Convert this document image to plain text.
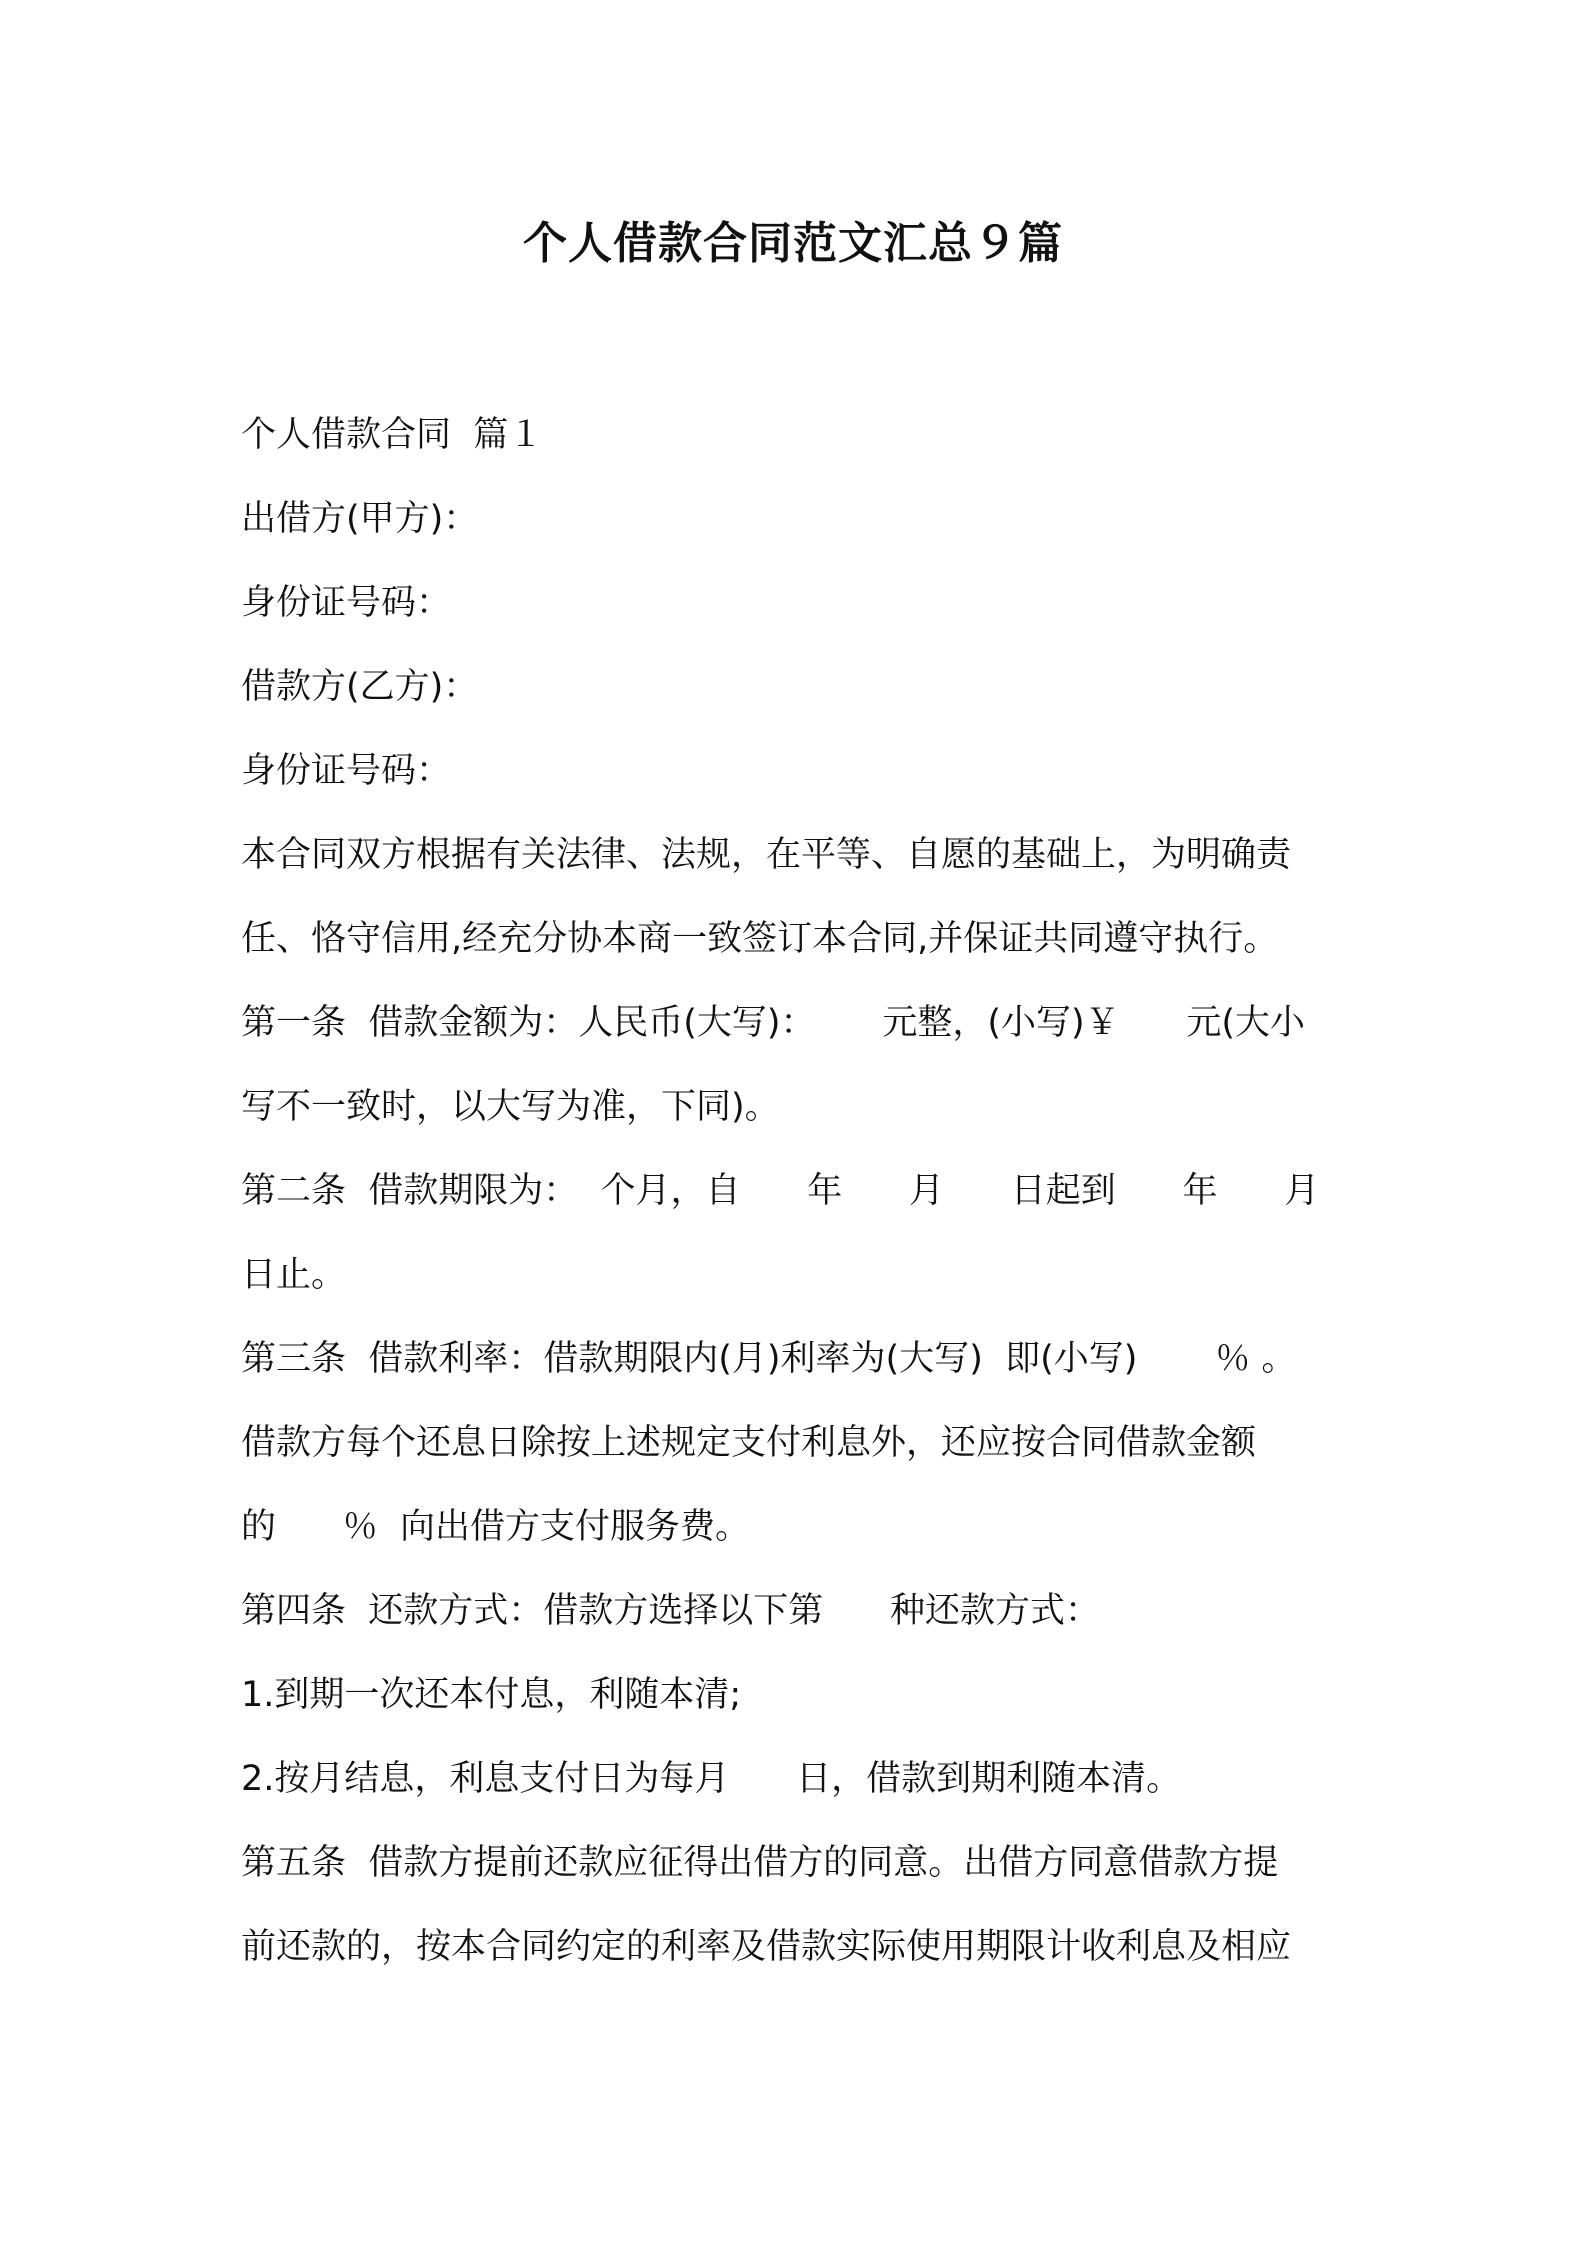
个人借款合同范文汇总９篇
个人借款合同  篇１
出借方(甲方)：
身份证号码：
借款方(乙方)：
身份证号码：
本合同双方根据有关法律、法规，在平等、自愿的基础上，为明确责
任、恪守信用,经充分协本商一致签订本合同,并保证共同遵守执行。
第一条  借款金额为：人民币(大写)：      元整，(小写)￥      元(大小
写不一致时，以大写为准，下同)。
第二条  借款期限为：  个月，自      年      月      日起到      年      月
日止。
第三条  借款利率：借款期限内(月)利率为(大写)  即(小写)       ％ 。
借款方每个还息日除按上述规定支付利息外，还应按合同借款金额
的      ％  向出借方支付服务费。
第四条  还款方式：借款方选择以下第      种还款方式：
1.到期一次还本付息，利随本清;
2.按月结息，利息支付日为每月      日，借款到期利随本清。
第五条  借款方提前还款应征得出借方的同意。出借方同意借款方提
前还款的，按本合同约定的利率及借款实际使用期限计收利息及相应
